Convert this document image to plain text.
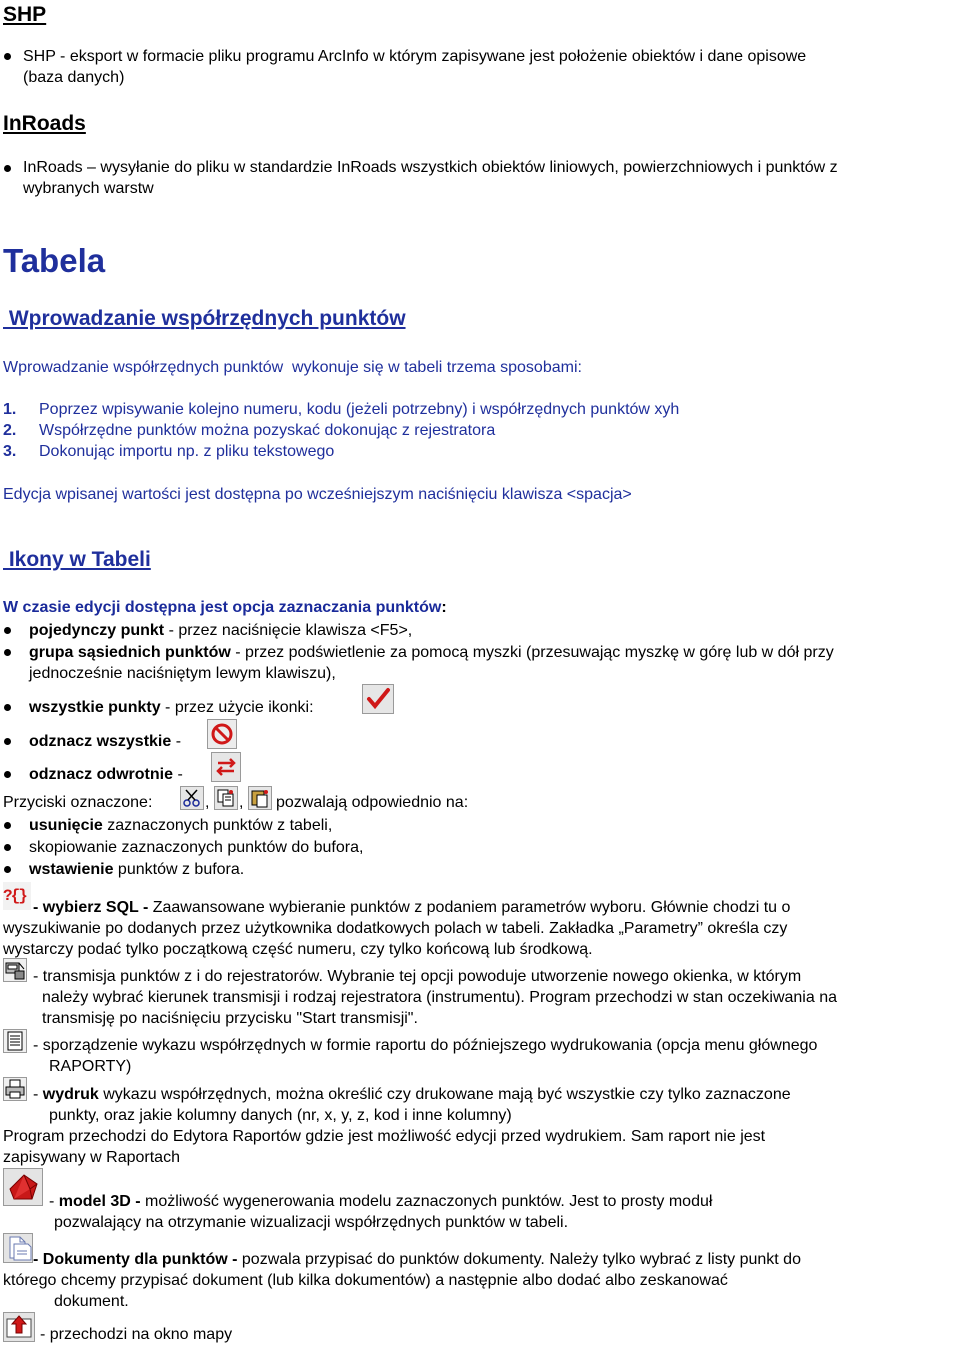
SHP
SHP - eksport w formacie pliku programu ArcInfo w którym zapisywane jest położenie obiektów i dane opisowe
(baza danych)
InRoads
InRoads – wysyłanie do pliku w standardzie InRoads wszystkich obiektów liniowych, powierzchniowych i punktów z
wybranych warstw
Tabela
Wprowadzanie współrzędnych punktów
Wprowadzanie współrzędnych punktów  wykonuje się w tabeli trzema sposobami:
1. Poprzez wpisywanie kolejno numeru, kodu (jeżeli potrzebny) i współrzędnych punktów xyh
2. Współrzędne punktów można pozyskać dokonując z rejestratora
3. Dokonując importu np. z pliku tekstowego
Edycja wpisanej wartości jest dostępna po wcześniejszym naciśnięciu klawisza <spacja>
Ikony w Tabeli
W czasie edycji dostępna jest opcja zaznaczania punktów:
pojedynczy punkt - przez naciśnięcie klawisza <F5>,
grupa sąsiednich punktów - przez podświetlenie za pomocą myszki (przesuwając myszkę w górę lub w dół przy
jednocześnie naciśniętym lewym klawiszu),
wszystkie punkty - przez użycie ikonki:
odznacz wszystkie -
odznacz odwrotnie -
Przyciski oznaczone:	, , pozwalają odpowiednio na:
usunięcie zaznaczonych punktów z tabeli,
skopiowanie zaznaczonych punktów do bufora,
wstawienie punktów z bufora.
?{}
- wybierz SQL - Zaawansowane wybieranie punktów z podaniem parametrów wyboru. Głównie chodzi tu o
wyszukiwanie po dodanych przez użytkownika dodatkowych polach w tabeli. Zakładka „Parametry” określa czy
wystarczy podać tylko początkową część numeru, czy tylko końcową lub środkową.
- transmisja punktów z i do rejestratorów. Wybranie tej opcji powoduje utworzenie nowego okienka, w którym
należy wybrać kierunek transmisji i rodzaj rejestratora (instrumentu). Program przechodzi w stan oczekiwania na
transmisję po naciśnięciu przycisku "Start transmisji".
- sporządzenie wykazu współrzędnych w formie raportu do późniejszego wydrukowania (opcja menu głównego
RAPORTY)
- wydruk wykazu współrzędnych, można określić czy drukowane mają być wszystkie czy tylko zaznaczone
punkty, oraz jakie kolumny danych (nr, x, y, z, kod i inne kolumny)
Program przechodzi do Edytora Raportów gdzie jest możliwość edycji przed wydrukiem. Sam raport nie jest
zapisywany w Raportach
- model 3D - możliwość wygenerowania modelu zaznaczonych punktów. Jest to prosty moduł
pozwalający na otrzymanie wizualizacji współrzędnych punktów w tabeli.
- Dokumenty dla punktów - pozwala przypisać do punktów dokumenty. Należy tylko wybrać z listy punkt do
którego chcemy przypisać dokument (lub kilka dokumentów) a następnie albo dodać albo zeskanować
dokument.
- przechodzi na okno mapy
